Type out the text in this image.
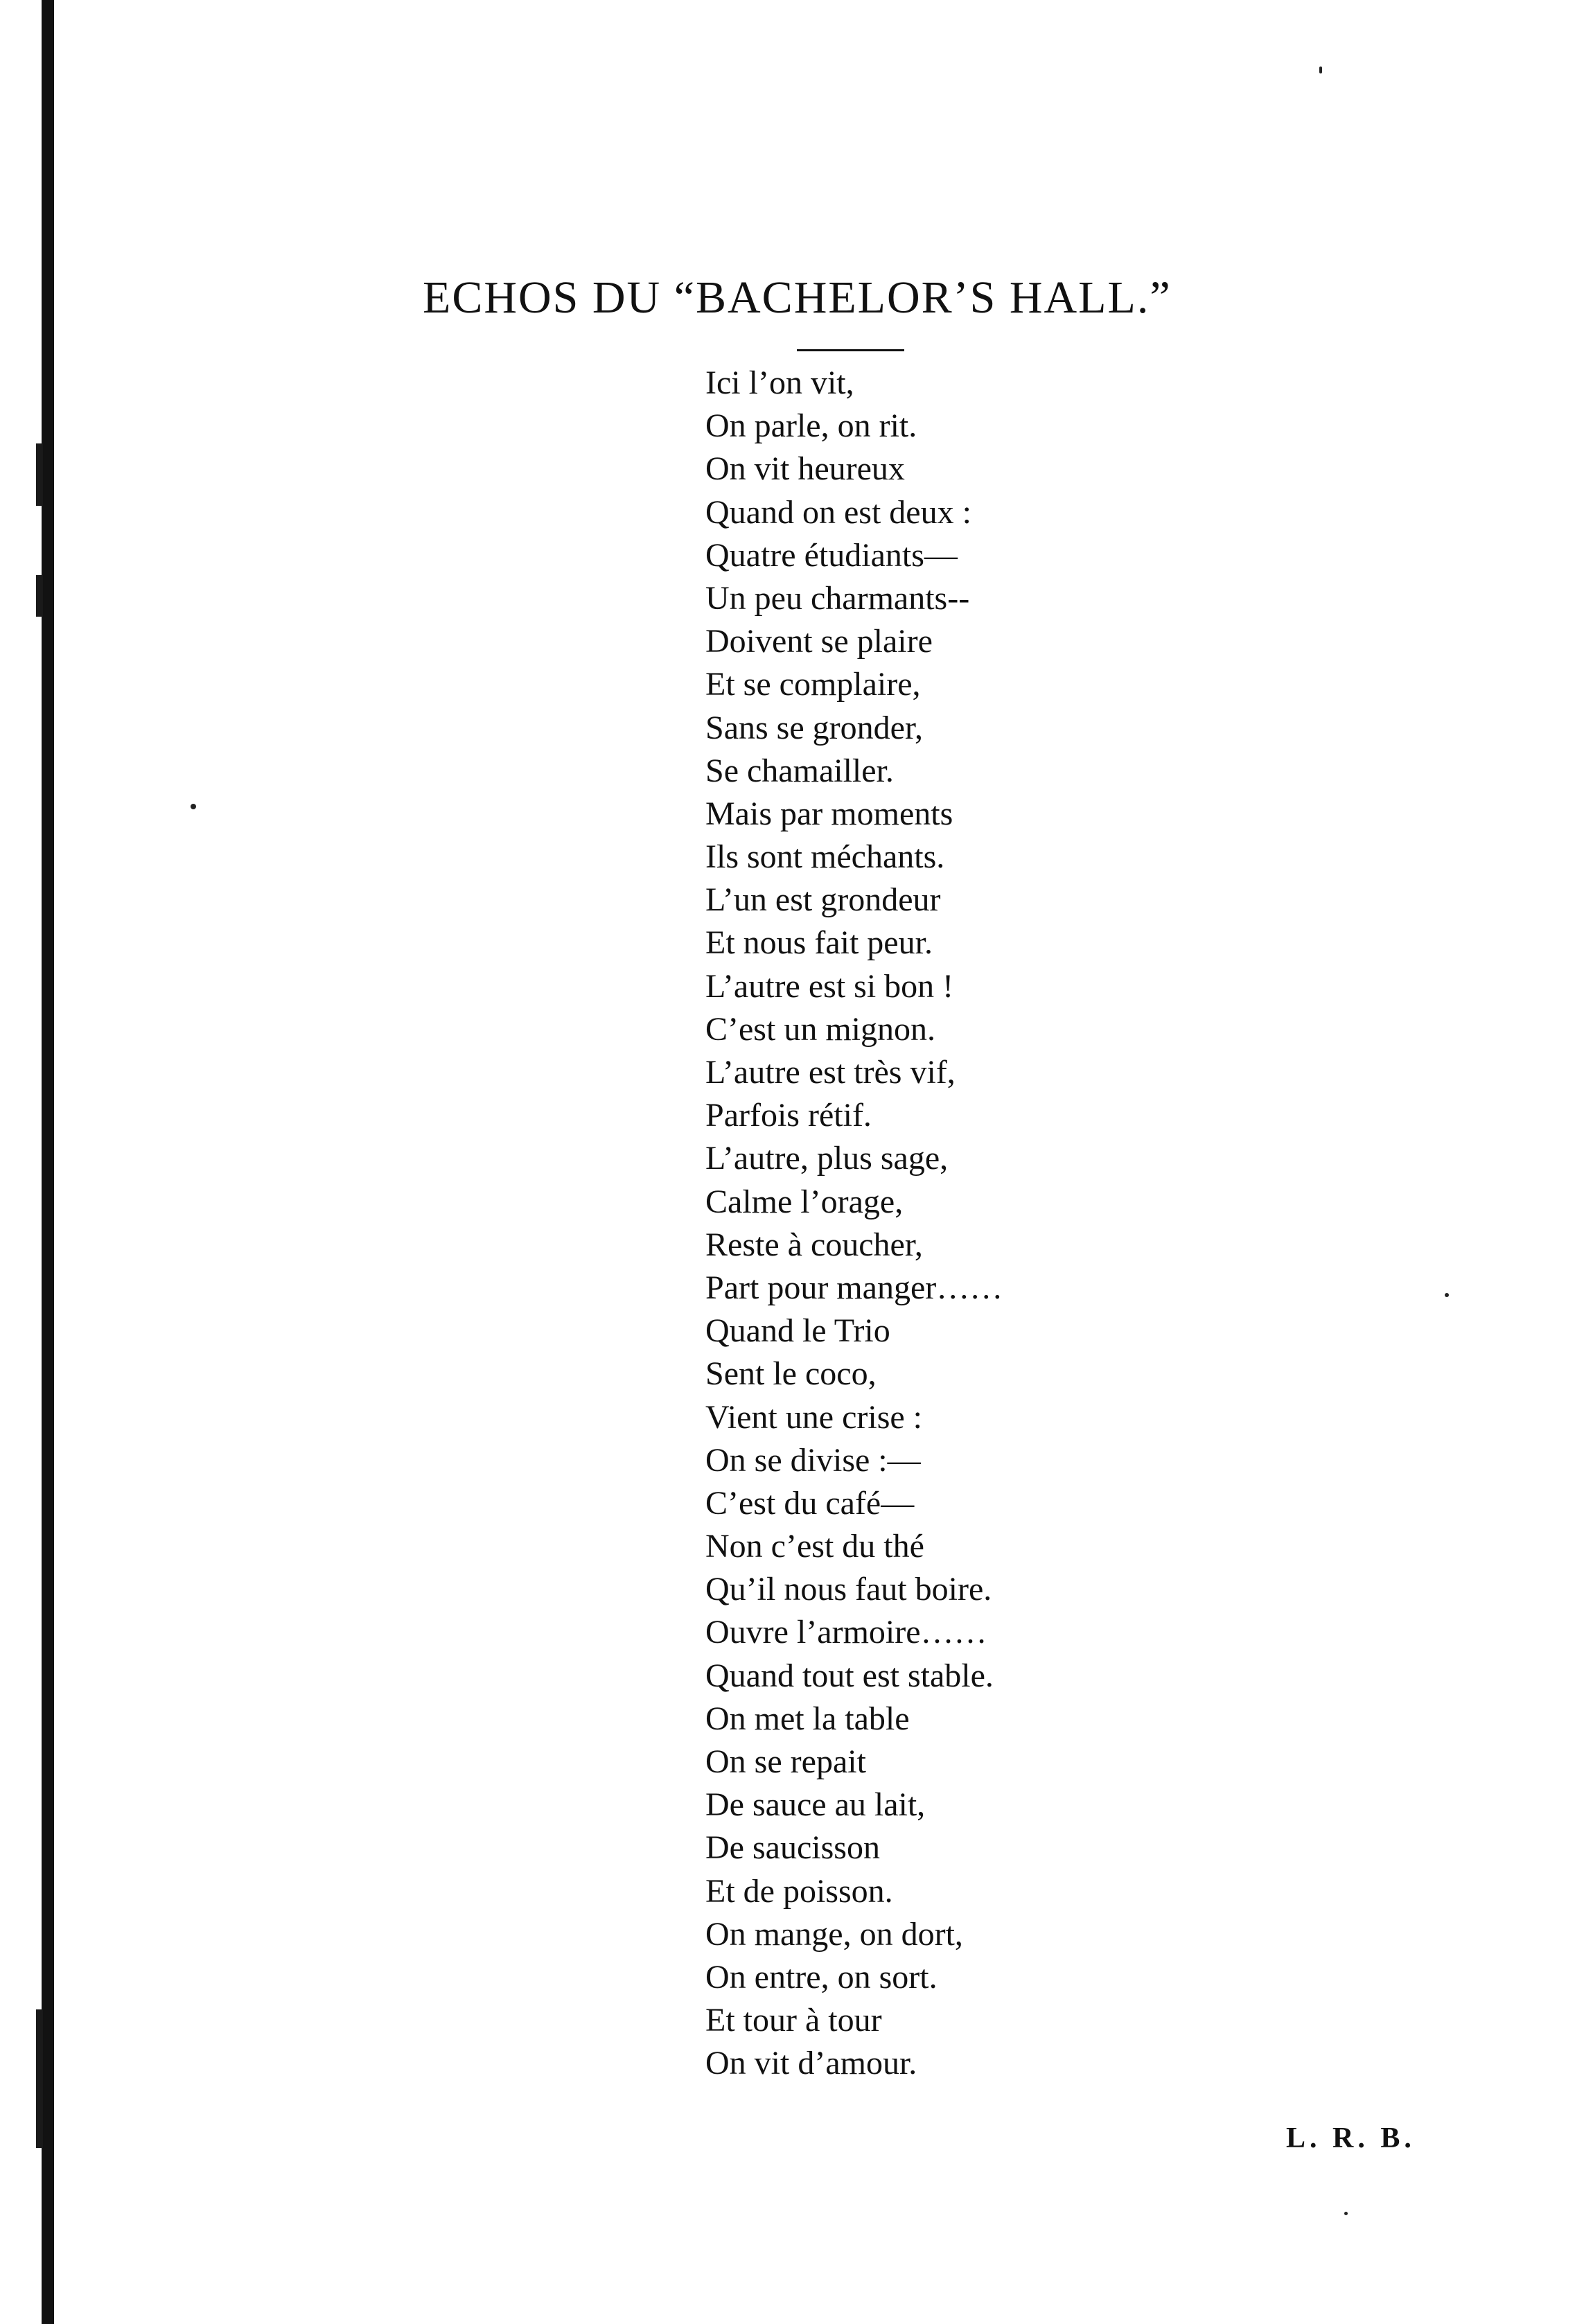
ECHOS DU “BACHELOR’S HALL.”
Ici l’on vit,
On parle, on rit.
On vit heureux
Quand on est deux :
Quatre étudiants—
Un peu charmants--
Doivent se plaire
Et se complaire,
Sans se gronder,
Se chamailler.
Mais par moments
Ils sont méchants.
L’un est grondeur
Et nous fait peur.
L’autre est si bon !
C’est un mignon.
L’autre est très vif,
Parfois rétif.
L’autre, plus sage,
Calme l’orage,
Reste à coucher,
Part pour manger……
Quand le Trio
Sent le coco,
Vient une crise :
On se divise :—
C’est du café—
Non c’est du thé
Qu’il nous faut boire.
Ouvre l’armoire……
Quand tout est stable.
On met la table
On se repait
De sauce au lait,
De saucisson
Et de poisson.
On mange, on dort,
On entre, on sort.
Et tour à tour
On vit d’amour.
L. R. B.
